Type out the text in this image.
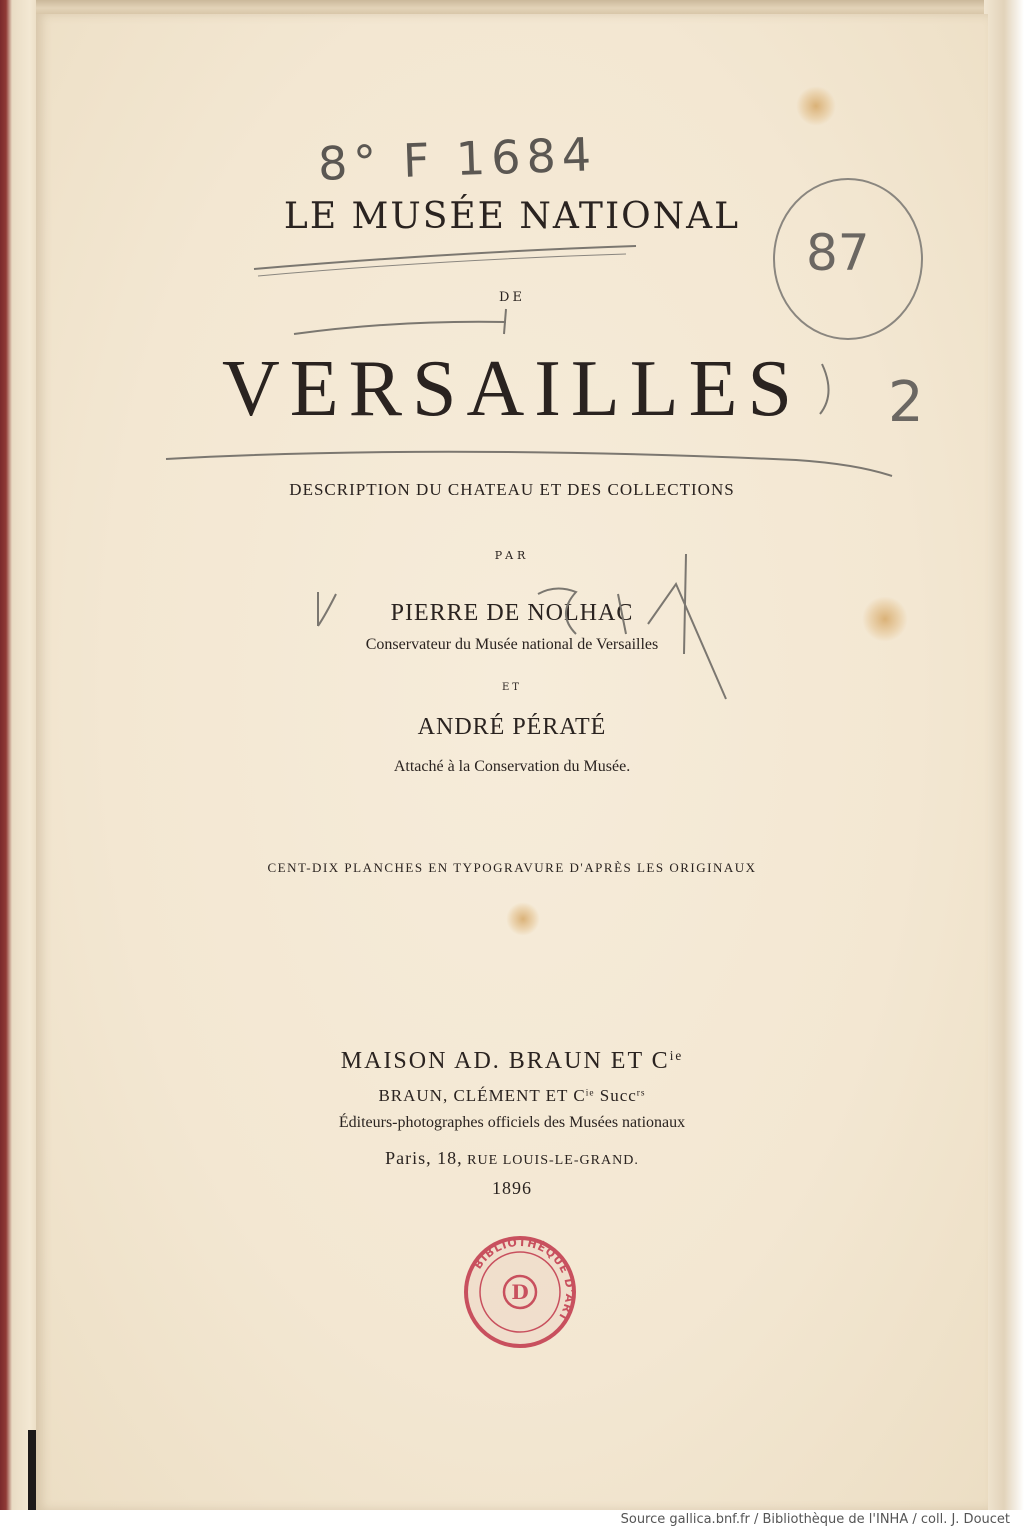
LE MUSÉE NATIONAL
DE
VERSAILLES
DESCRIPTION DU CHATEAU ET DES COLLECTIONS
PAR
PIERRE DE NOLHAC
Conservateur du Musée national de Versailles
ET
ANDRÉ PÉRATÉ
Attaché à la Conservation du Musée.
CENT-DIX PLANCHES EN TYPOGRAVURE D'APRÈS LES ORIGINAUX
MAISON AD. BRAUN ET $C^{ie}$
BRAUN, CLÉMENT ET $C^{ie}$ Succ$^{rs}$
Éditeurs-photographes officiels des Musées nationaux
Paris, 18, RUE LOUIS-LE-GRAND.
1896
8° F 1684
87
2
BIBLIOTHÈQUE D'ART
D
Source gallica.bnf.fr / Bibliothèque de l'INHA / coll. J. Doucet
